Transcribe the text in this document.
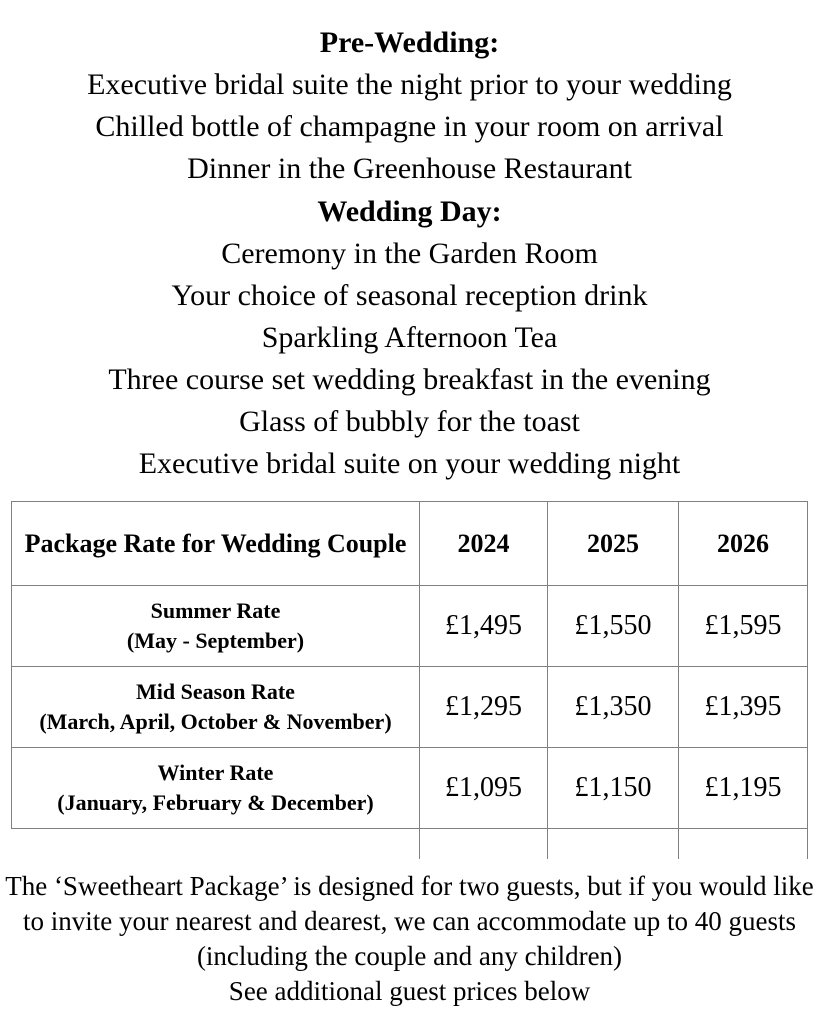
Pre-Wedding:
Executive bridal suite the night prior to your wedding
Chilled bottle of champagne in your room on arrival
Dinner in the Greenhouse Restaurant
Wedding Day:
Ceremony in the Garden Room
Your choice of seasonal reception drink
Sparkling Afternoon Tea
Three course set wedding breakfast in the evening
Glass of bubbly for the toast
Executive bridal suite on your wedding night
Package Rate for Wedding Couple	2024	2025	2026

Summer Rate
(May - September)	£1,495	£1,550	£1,595

Mid Season Rate
(March, April, October & November)	£1,295	£1,350	£1,395

Winter Rate
(January, February & December)	£1,095	£1,150	£1,195

The ‘Sweetheart Package’ is designed for two guests, but if you would like
to invite your nearest and dearest, we can accommodate up to 40 guests
(including the couple and any children)
See additional guest prices below
